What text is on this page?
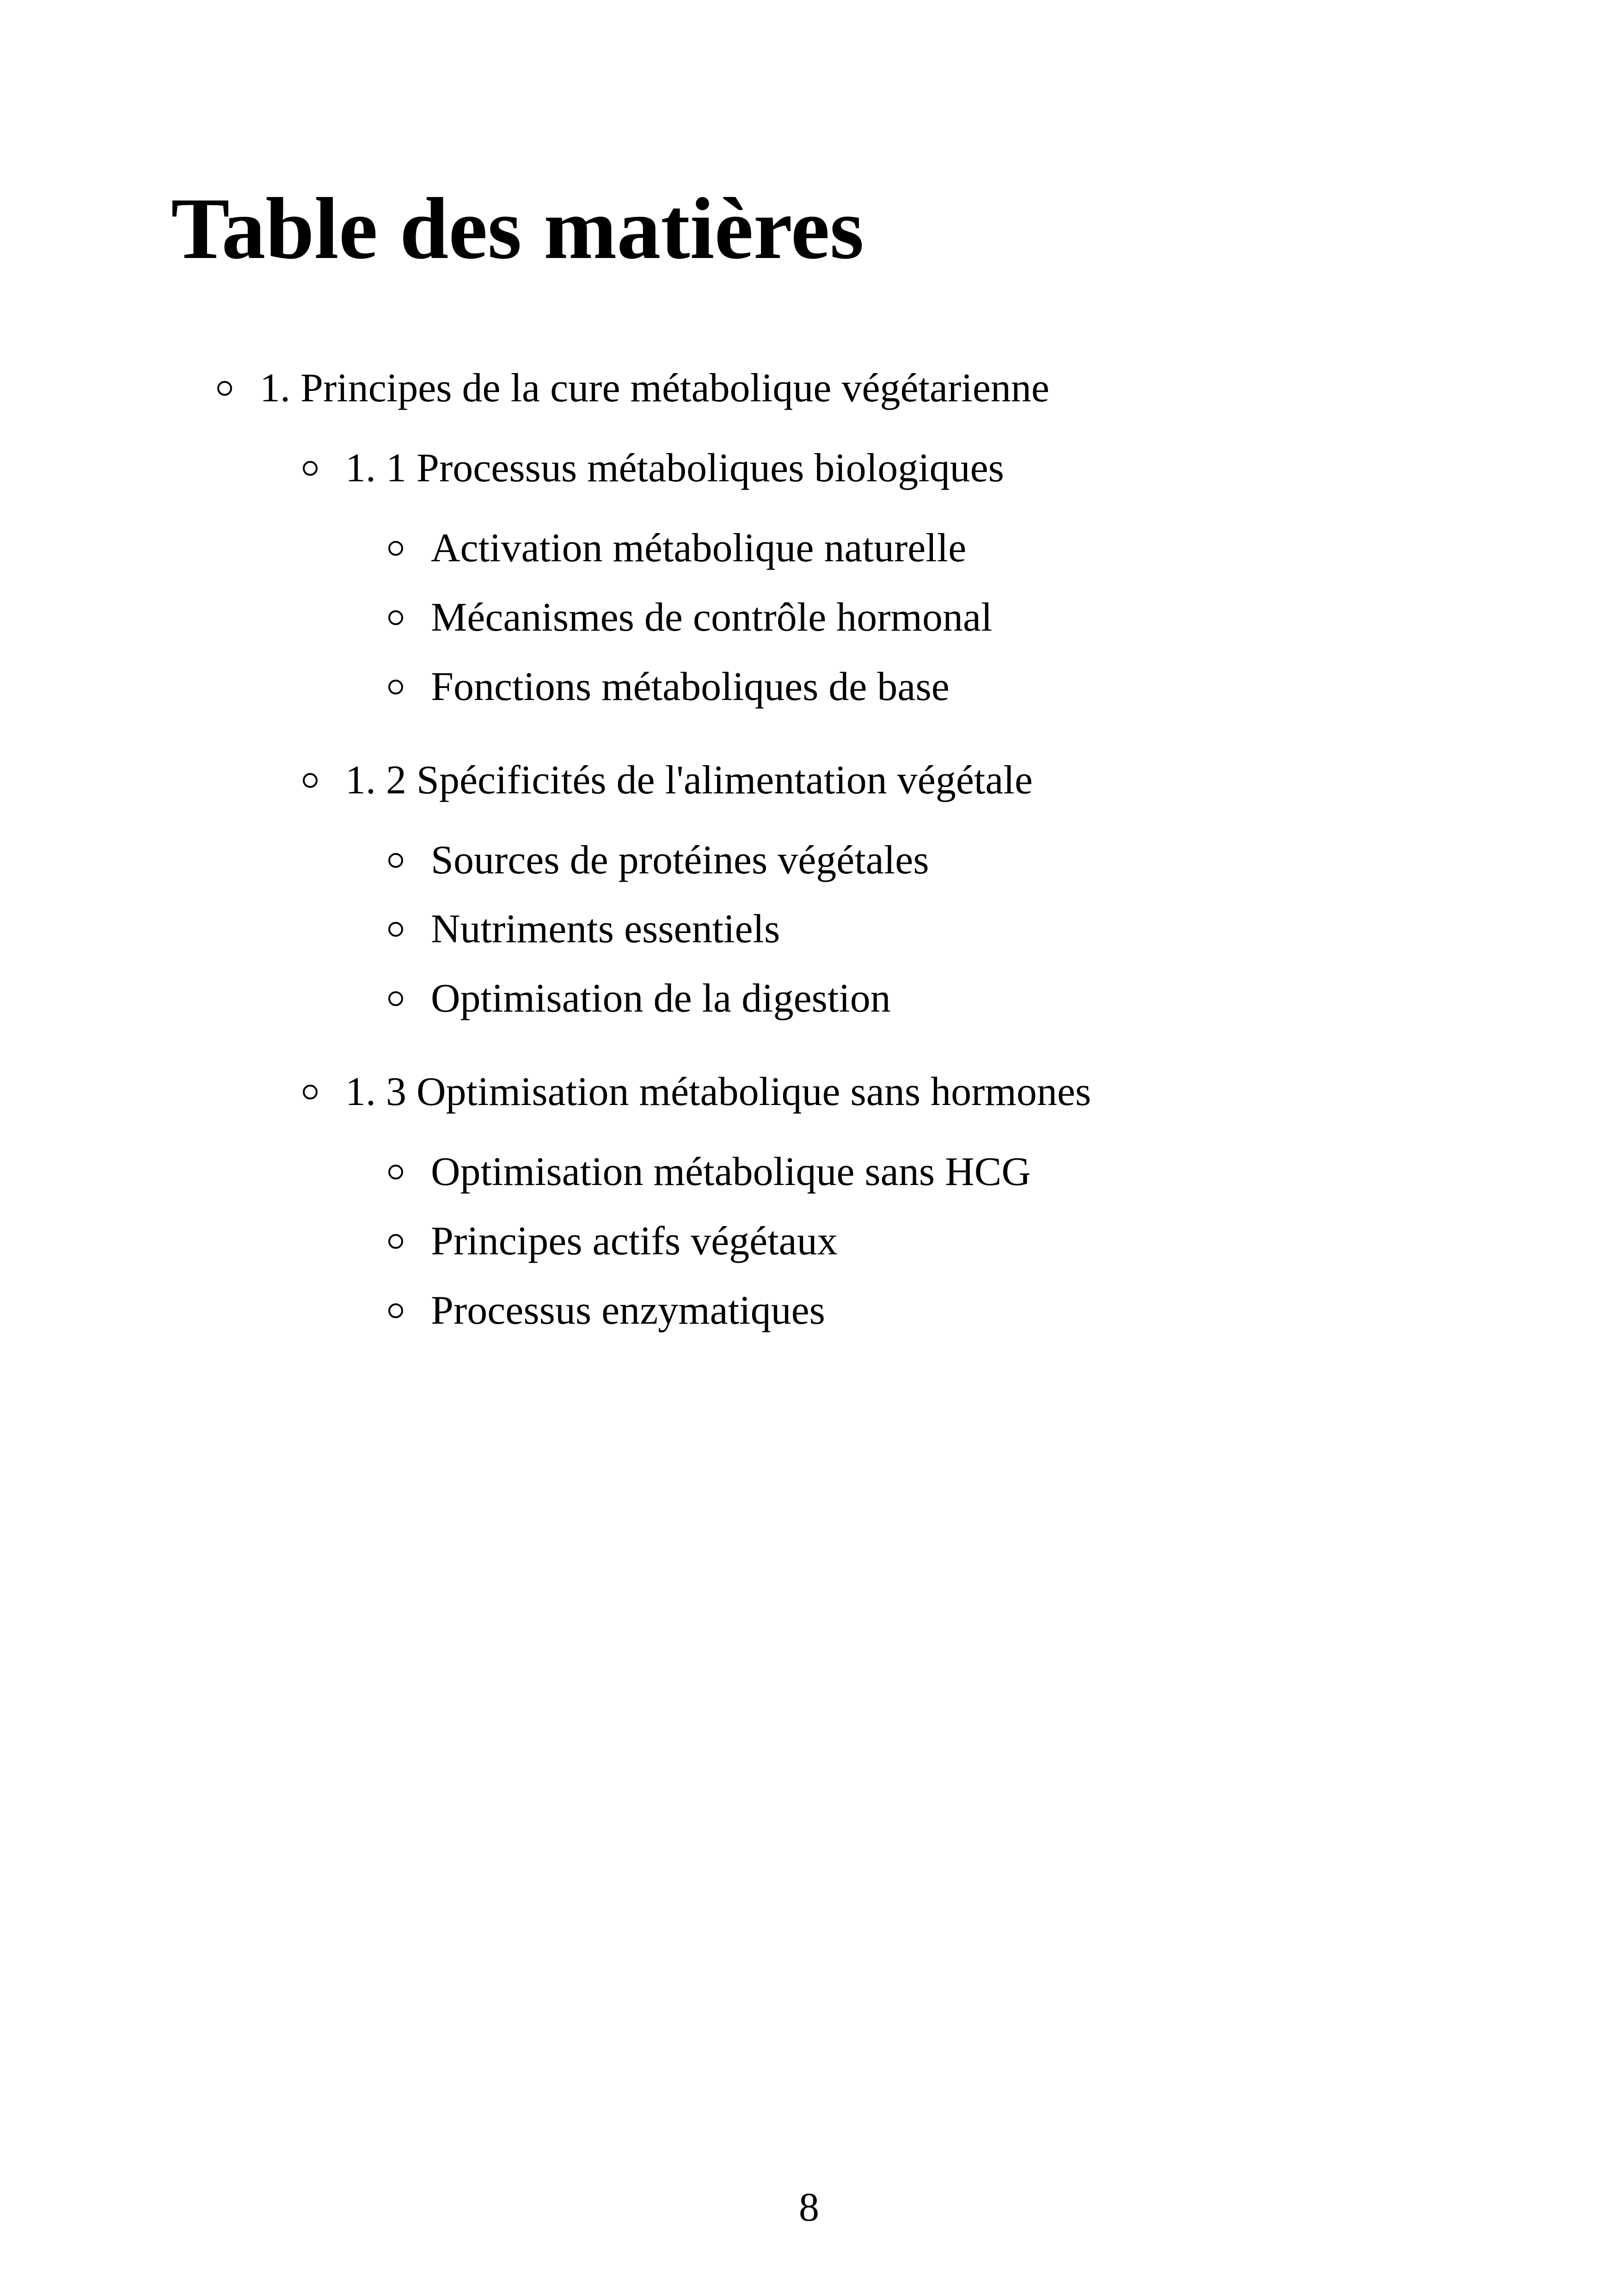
Table des matières
1. Principes de la cure métabolique végétarienne
1. 1 Processus métaboliques biologiques
Activation métabolique naturelle
Mécanismes de contrôle hormonal
Fonctions métaboliques de base
1. 2 Spécificités de l'alimentation végétale
Sources de protéines végétales
Nutriments essentiels
Optimisation de la digestion
1. 3 Optimisation métabolique sans hormones
Optimisation métabolique sans HCG
Principes actifs végétaux
Processus enzymatiques
8
